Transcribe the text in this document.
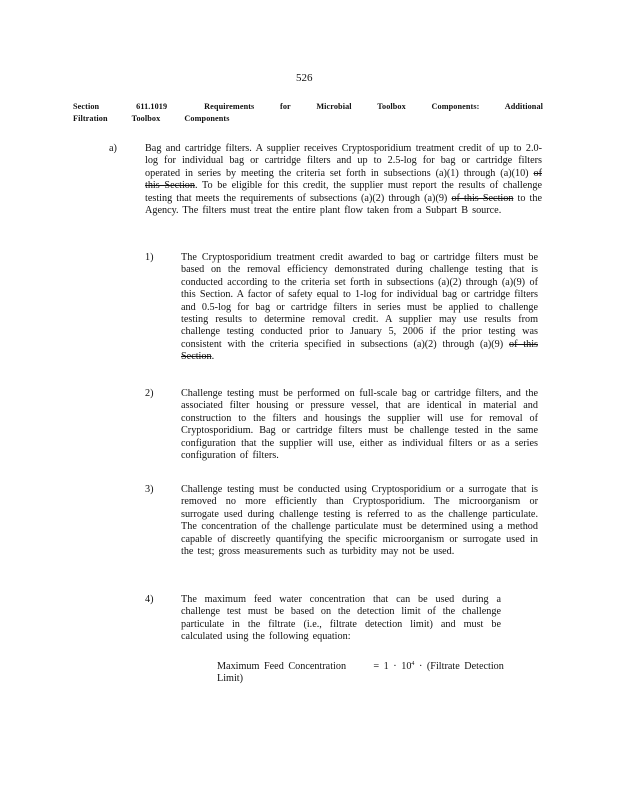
526
Section	611.1019	Requirements for Microbial Toolbox Components: Additional Filtration Toolbox Components
a)	Bag and cartridge filters. A supplier receives Cryptosporidium treatment credit of up to 2.0-log for individual bag or cartridge filters and up to 2.5-log for bag or cartridge filters operated in series by meeting the criteria set forth in subsections (a)(1) through (a)(10) of this Section. To be eligible for this credit, the supplier must report the results of challenge testing that meets the requirements of subsections (a)(2) through (a)(9) of this Section to the Agency. The filters must treat the entire plant flow taken from a Subpart B source.
1)	The Cryptosporidium treatment credit awarded to bag or cartridge filters must be based on the removal efficiency demonstrated during challenge testing that is conducted according to the criteria set forth in subsections (a)(2) through (a)(9) of this Section. A factor of safety equal to 1-log for individual bag or cartridge filters and 0.5-log for bag or cartridge filters in series must be applied to challenge testing results to determine removal credit. A supplier may use results from challenge testing conducted prior to January 5, 2006 if the prior testing was consistent with the criteria specified in subsections (a)(2) through (a)(9) of this Section.
2)	Challenge testing must be performed on full-scale bag or cartridge filters, and the associated filter housing or pressure vessel, that are identical in material and construction to the filters and housings the supplier will use for removal of Cryptosporidium. Bag or cartridge filters must be challenge tested in the same configuration that the supplier will use, either as individual filters or as a series configuration of filters.
3)	Challenge testing must be conducted using Cryptosporidium or a surrogate that is removed no more efficiently than Cryptosporidium. The microorganism or surrogate used during challenge testing is referred to as the challenge particulate. The concentration of the challenge particulate must be determined using a method capable of discreetly quantifying the specific microorganism or surrogate used in the test; gross measurements such as turbidity may not be used.
4)	The maximum feed water concentration that can be used during a challenge test must be based on the detection limit of the challenge particulate in the filtrate (i.e., filtrate detection limit) and must be calculated using the following equation:
Maximum Feed Concentration	= $1 \cdot 10^4$ · (Filtrate Detection Limit)
